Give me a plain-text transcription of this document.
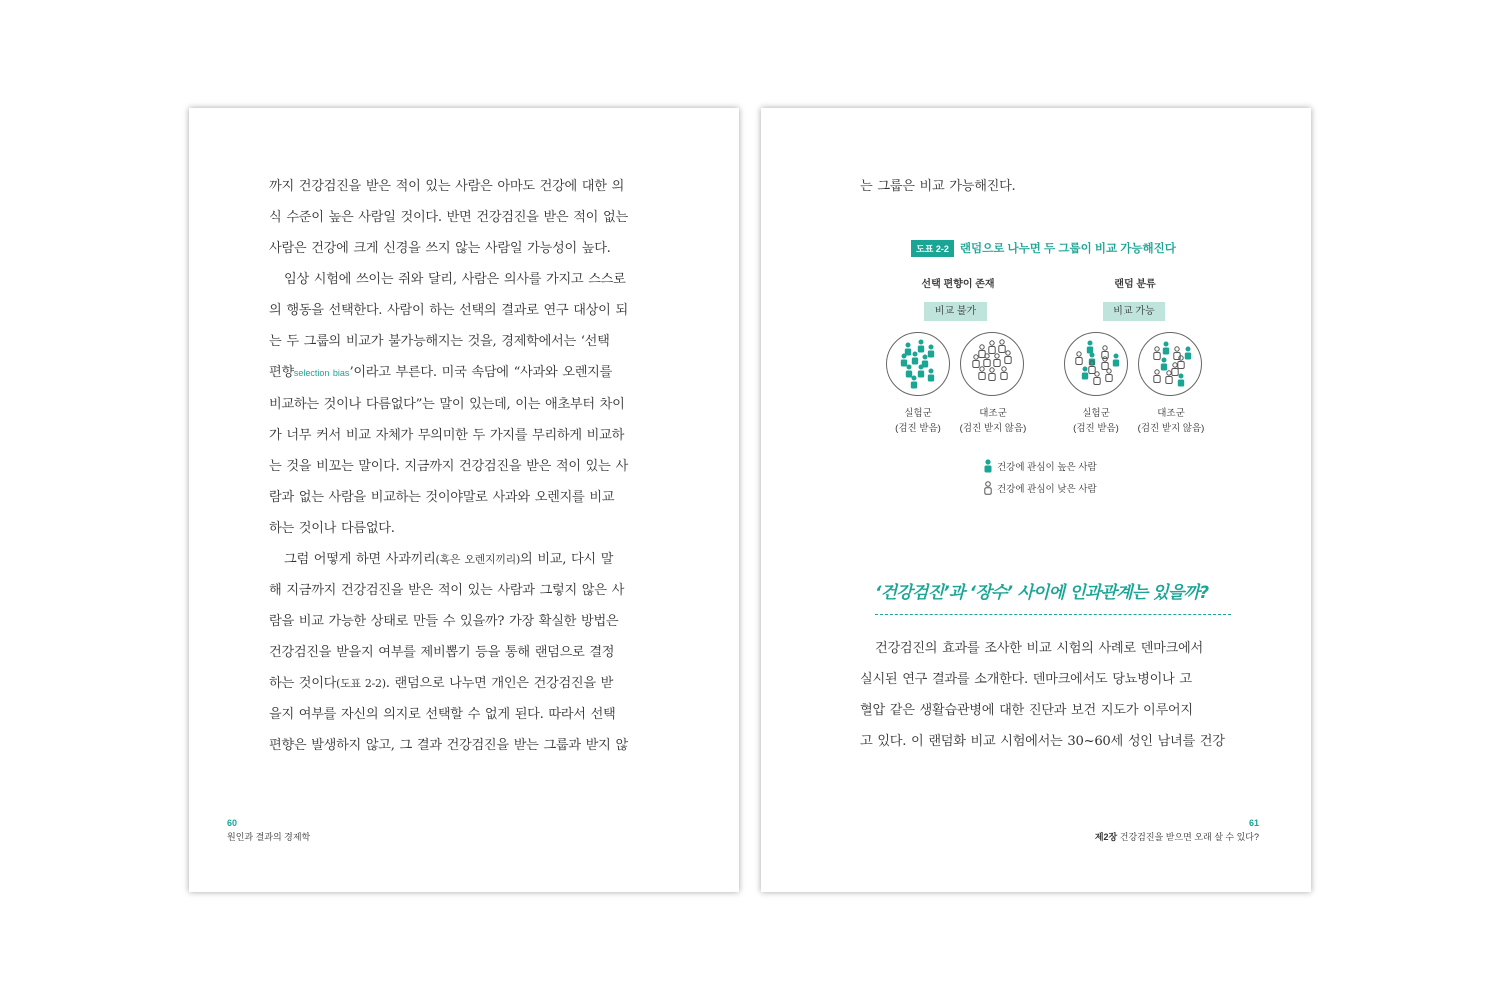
까지 건강검진을 받은 적이 있는 사람은 아마도 건강에 대한 의

식 수준이 높은 사람일 것이다. 반면 건강검진을 받은 적이 없는

사람은 건강에 크게 신경을 쓰지 않는 사람일 가능성이 높다.

임상 시험에 쓰이는 쥐와 달리, 사람은 의사를 가지고 스스로

의 행동을 선택한다. 사람이 하는 선택의 결과로 연구 대상이 되

는 두 그룹의 비교가 불가능해지는 것을, 경제학에서는 ‘선택

편향selection bias’이라고 부른다. 미국 속담에 “사과와 오렌지를

비교하는 것이나 다름없다”는 말이 있는데, 이는 애초부터 차이

가 너무 커서 비교 자체가 무의미한 두 가지를 무리하게 비교하

는 것을 비꼬는 말이다. 지금까지 건강검진을 받은 적이 있는 사

람과 없는 사람을 비교하는 것이야말로 사과와 오렌지를 비교

하는 것이나 다름없다.

그럼 어떻게 하면 사과끼리(혹은 오렌지끼리)의 비교, 다시 말

해 지금까지 건강검진을 받은 적이 있는 사람과 그렇지 않은 사

람을 비교 가능한 상태로 만들 수 있을까? 가장 확실한 방법은

건강검진을 받을지 여부를 제비뽑기 등을 통해 랜덤으로 결정

하는 것이다(도표 2-2). 랜덤으로 나누면 개인은 건강검진을 받

을지 여부를 자신의 의지로 선택할 수 없게 된다. 따라서 선택

편향은 발생하지 않고, 그 결과 건강검진을 받는 그룹과 받지 않

60
원인과 결과의 경제학

는 그룹은 비교 가능해진다.

도표 2-2 랜덤으로 나누면 두 그룹이 비교 가능해진다
선택 편향이 존재	랜덤 분류
비교 불가	비교 가능
실험군
(검진 받음)
대조군
(검진 받지 않음)
실험군
(검진 받음)
대조군
(검진 받지 않음)
건강에 관심이 높은 사람
건강에 관심이 낮은 사람
‘건강검진’과 ‘장수’ 사이에 인과관계는 있을까?

건강검진의 효과를 조사한 비교 시험의 사례로 덴마크에서

실시된 연구 결과를 소개한다. 덴마크에서도 당뇨병이나 고

혈압 같은 생활습관병에 대한 진단과 보건 지도가 이루어지

고 있다. 이 랜덤화 비교 시험에서는 30~60세 성인 남녀를 건강

61
제2장 건강검진을 받으면 오래 살 수 있다?
